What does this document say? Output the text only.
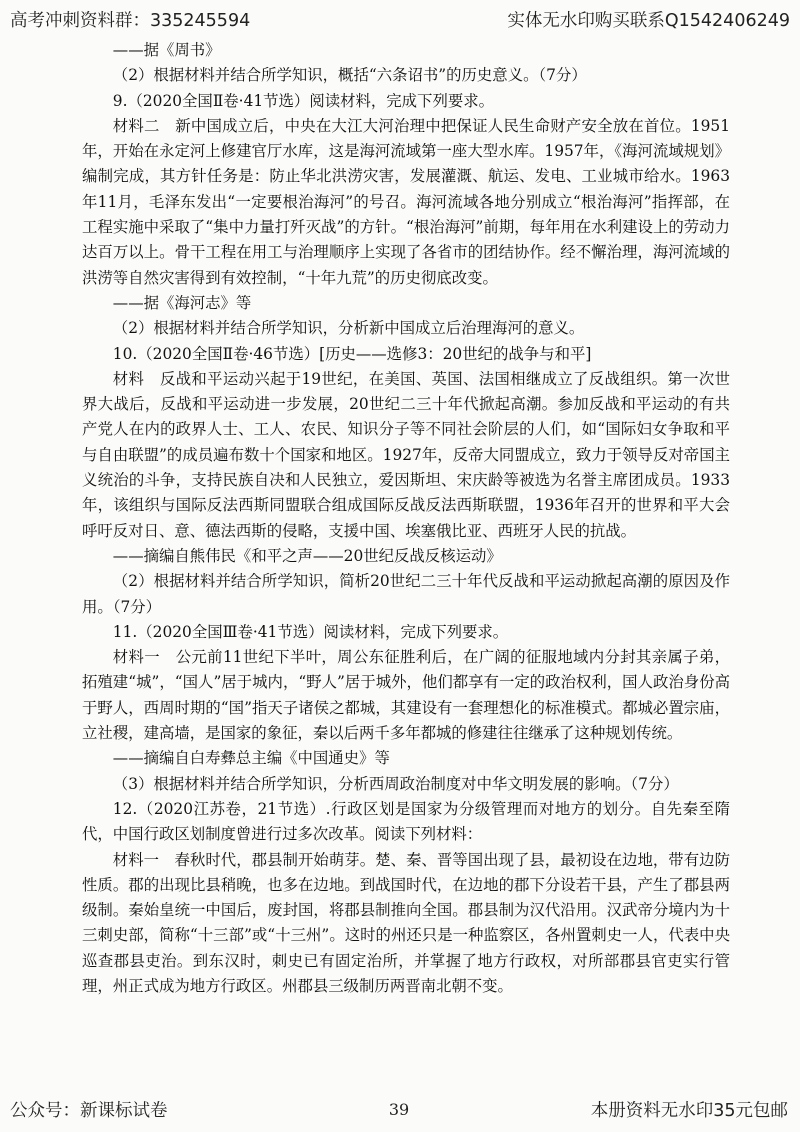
高考冲刺资料群：335245594	实体无水印购买联系Q1542406249

——据《周书》

（2）根据材料并结合所学知识，概括“六条诏书”的历史意义。（7分）

9.（2020全国Ⅱ卷·41节选）阅读材料，完成下列要求。

材料二　新中国成立后，中央在大江大河治理中把保证人民生命财产安全放在首位。1951年，开始在永定河上修建官厅水库，这是海河流域第一座大型水库。1957年，《海河流域规划》编制完成，其方针任务是：防止华北洪涝灾害，发展灌溉、航运、发电、工业城市给水。1963年11月，毛泽东发出“一定要根治海河”的号召。海河流域各地分别成立“根治海河”指挥部，在工程实施中采取了“集中力量打歼灭战”的方针。“根治海河”前期，每年用在水利建设上的劳动力达百万以上。骨干工程在用工与治理顺序上实现了各省市的团结协作。经不懈治理，海河流域的洪涝等自然灾害得到有效控制，“十年九荒”的历史彻底改变。

——据《海河志》等

（2）根据材料并结合所学知识，分析新中国成立后治理海河的意义。

10.（2020全国Ⅱ卷·46节选）[历史——选修3：20世纪的战争与和平]

材料　反战和平运动兴起于19世纪，在美国、英国、法国相继成立了反战组织。第一次世界大战后，反战和平运动进一步发展，20世纪二三十年代掀起高潮。参加反战和平运动的有共产党人在内的政界人士、工人、农民、知识分子等不同社会阶层的人们，如“国际妇女争取和平与自由联盟”的成员遍布数十个国家和地区。1927年，反帝大同盟成立，致力于领导反对帝国主义统治的斗争，支持民族自决和人民独立，爱因斯坦、宋庆龄等被选为名誉主席团成员。1933年，该组织与国际反法西斯同盟联合组成国际反战反法西斯联盟，1936年召开的世界和平大会呼吁反对日、意、德法西斯的侵略，支援中国、埃塞俄比亚、西班牙人民的抗战。

——摘编自熊伟民《和平之声——20世纪反战反核运动》

（2）根据材料并结合所学知识，简析20世纪二三十年代反战和平运动掀起高潮的原因及作用。（7分）

11.（2020全国Ⅲ卷·41节选）阅读材料，完成下列要求。

材料一　公元前11世纪下半叶，周公东征胜利后，在广阔的征服地域内分封其亲属子弟，拓殖建“城”，“国人”居于城内，“野人”居于城外，他们都享有一定的政治权利，国人政治身份高于野人，西周时期的“国”指天子诸侯之都城，其建设有一套理想化的标准模式。都城必置宗庙，立社稷，建高墙，是国家的象征，秦以后两千多年都城的修建往往继承了这种规划传统。

——摘编自白寿彝总主编《中国通史》等

（3）根据材料并结合所学知识，分析西周政治制度对中华文明发展的影响。（7分）

12.（2020江苏卷，21节选）.行政区划是国家为分级管理而对地方的划分。自先秦至隋代，中国行政区划制度曾进行过多次改革。阅读下列材料：

材料一　春秋时代，郡县制开始萌芽。楚、秦、晋等国出现了县，最初设在边地，带有边防性质。郡的出现比县稍晚，也多在边地。到战国时代，在边地的郡下分设若干县，产生了郡县两级制。秦始皇统一中国后，废封国，将郡县制推向全国。郡县制为汉代沿用。汉武帝分境内为十三刺史部，简称“十三部”或“十三州”。这时的州还只是一种监察区，各州置刺史一人，代表中央巡查郡县吏治。到东汉时，刺史已有固定治所，并掌握了地方行政权，对所部郡县官吏实行管理，州正式成为地方行政区。州郡县三级制历两晋南北朝不变。

公众号：新课标试卷	39	本册资料无水印35元包邮
